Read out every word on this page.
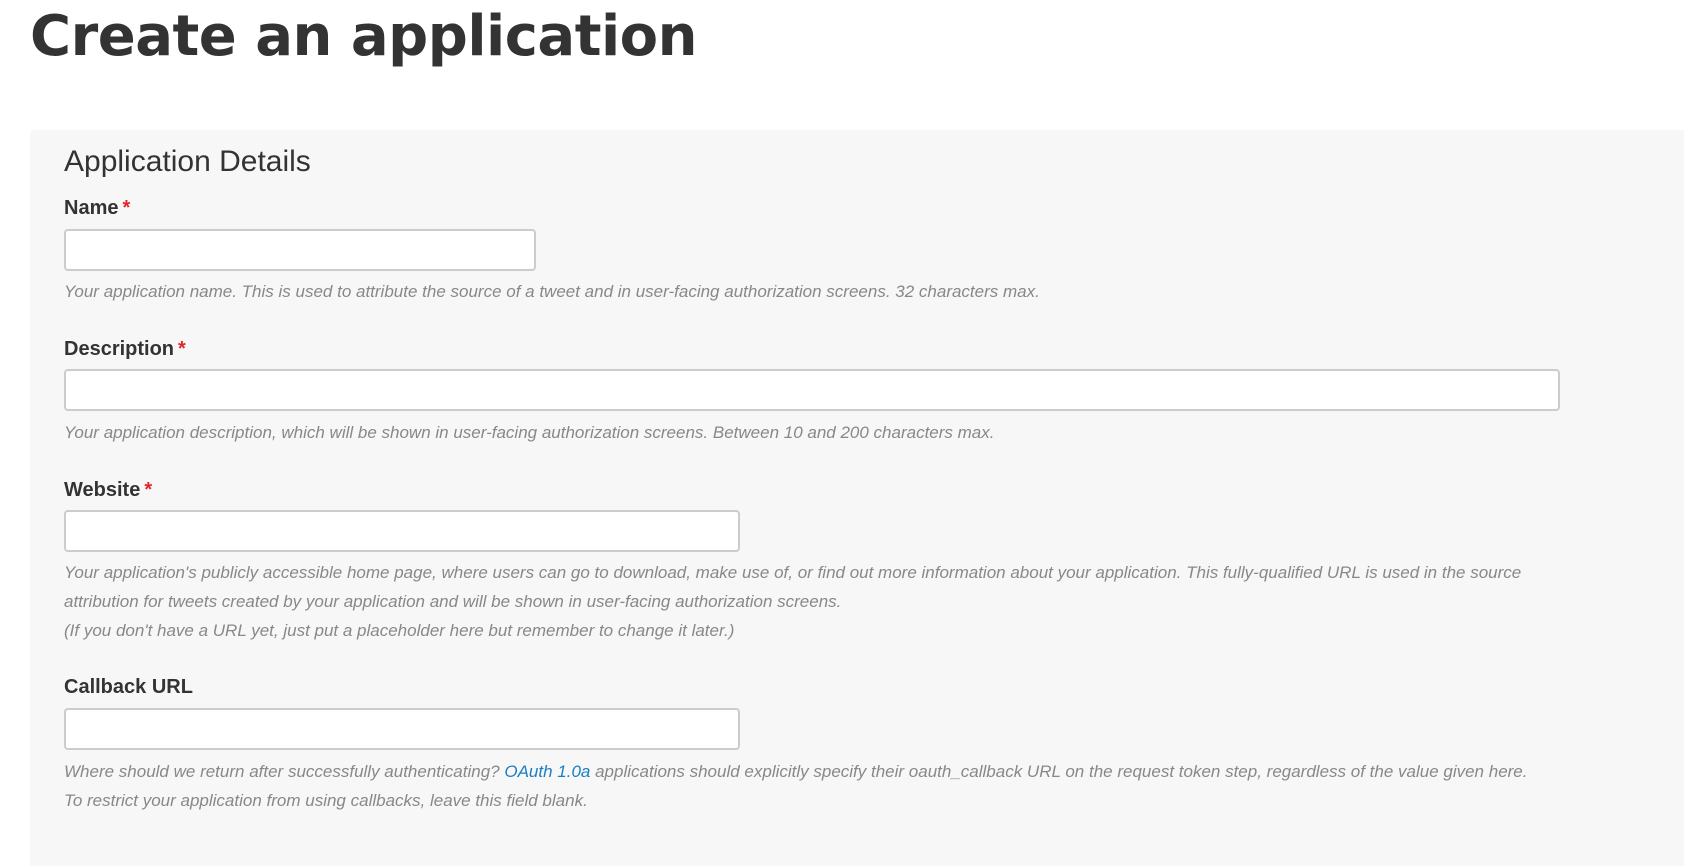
Create an application
Application Details
Name *

Your application name. This is used to attribute the source of a tweet and in user-facing authorization screens. 32 characters max.

Description *

Your application description, which will be shown in user-facing authorization screens. Between 10 and 200 characters max.

Website *
Your application's publicly accessible home page, where users can go to download, make use of, or find out more information about your application. This fully-qualified URL is used in the source attribution for tweets created by your application and will be shown in user-facing authorization screens.
(If you don't have a URL yet, just put a placeholder here but remember to change it later.)
Callback URL

Where should we return after successfully authenticating? OAuth 1.0a applications should explicitly specify their oauth_callback URL on the request token step, regardless of the value given here. To restrict your application from using callbacks, leave this field blank.
